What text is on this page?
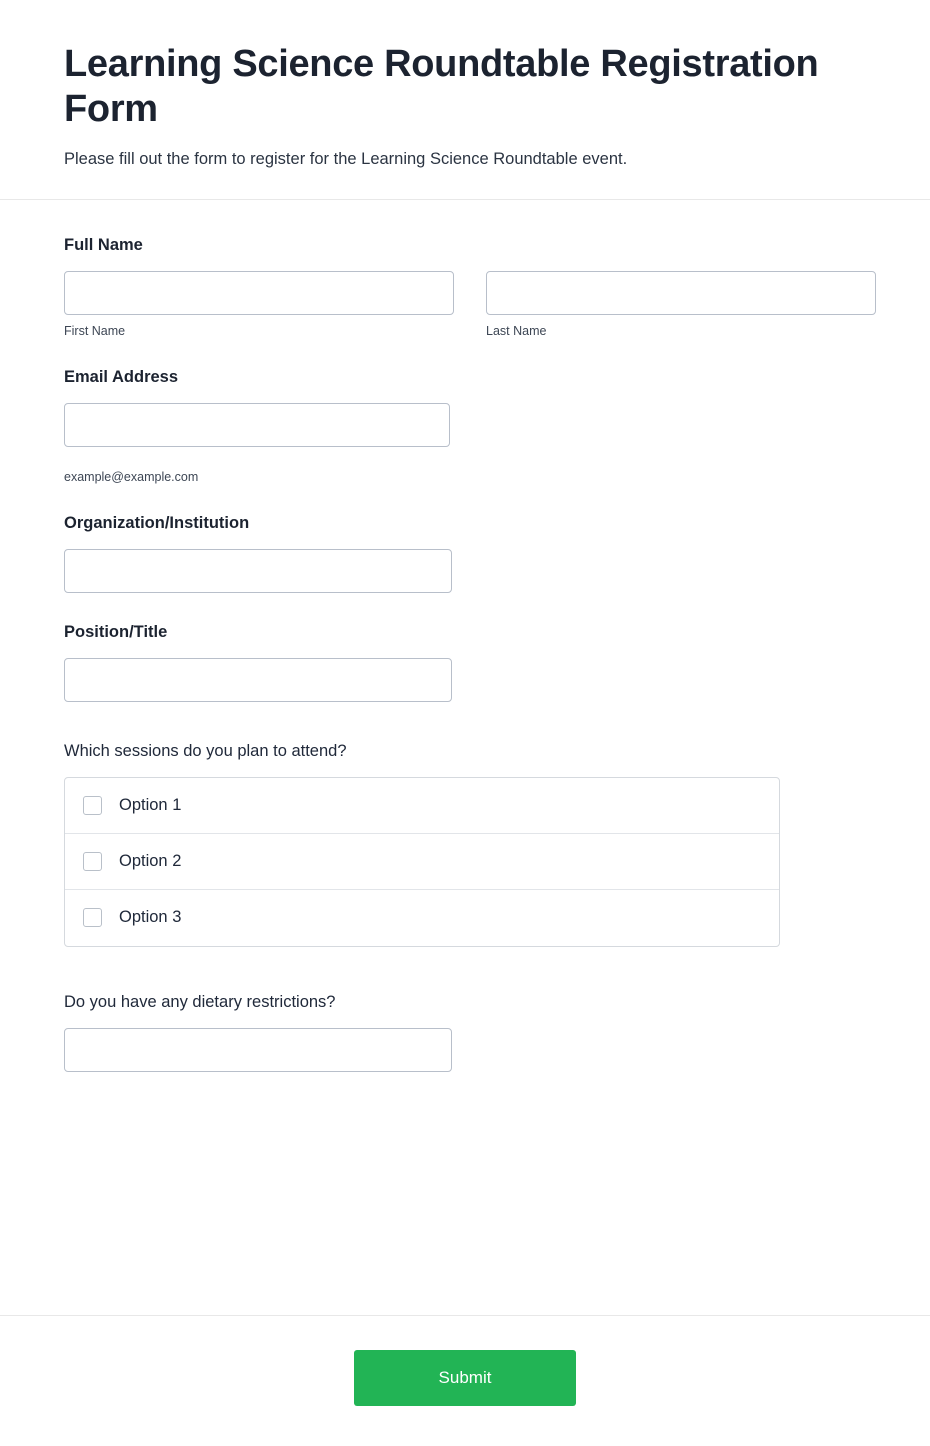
Learning Science Roundtable Registration Form

Please fill out the form to register for the Learning Science Roundtable event.

Full Name
First Name	Last Name
Email Address
example@example.com
Organization/Institution
Position/Title
Which sessions do you plan to attend?
Option 1
Option 2
Option 3
Do you have any dietary restrictions?
Submit
